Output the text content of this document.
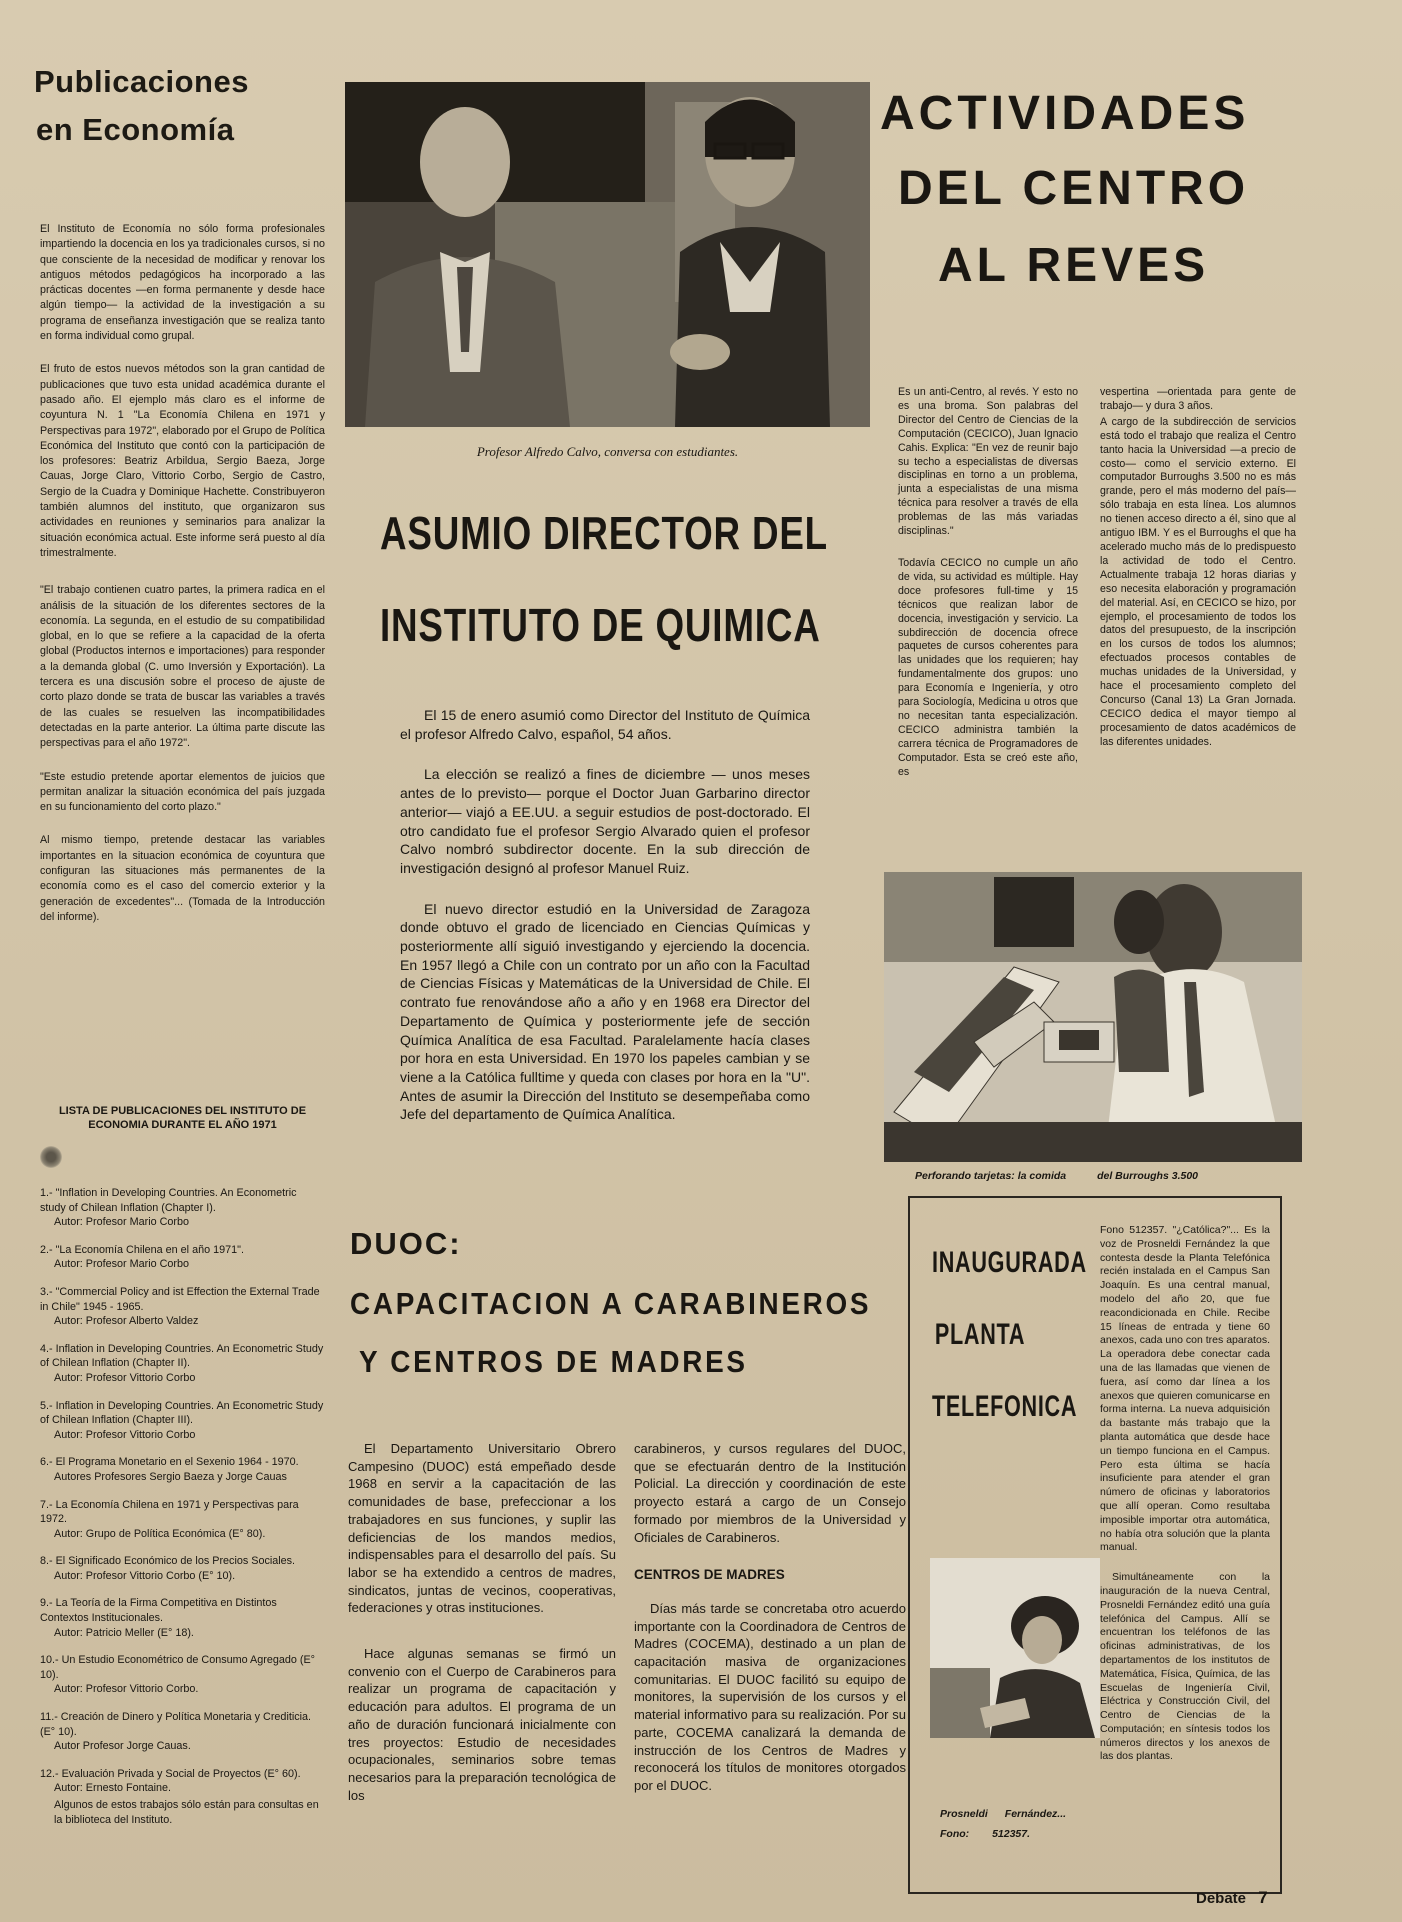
Publicaciones
en Economía

El Instituto de Economía no sólo forma profesionales impartiendo la docencia en los ya tradicionales cursos, si no que consciente de la necesidad de modificar y renovar los antiguos métodos pedagógicos ha incorporado a las prácticas docentes —en forma permanente y desde hace algún tiempo— la actividad de la investigación a su programa de enseñanza investigación que se realiza tanto en forma individual como grupal.

El fruto de estos nuevos métodos son la gran cantidad de publicaciones que tuvo esta unidad académica durante el pasado año. El ejemplo más claro es el informe de coyuntura N. 1 "La Economía Chilena en 1971 y Perspectivas para 1972", elaborado por el Grupo de Política Económica del Instituto que contó con la participación de los profesores: Beatriz Arbildua, Sergio Baeza, Jorge Cauas, Jorge Claro, Vittorio Corbo, Sergio de Castro, Sergio de la Cuadra y Dominique Hachette. Constribuyeron también alumnos del instituto, que organizaron sus actividades en reuniones y seminarios para analizar la situación económica actual. Este informe será puesto al día trimestralmente.

"El trabajo contienen cuatro partes, la primera radica en el análisis de la situación de los diferentes sectores de la economía. La segunda, en el estudio de su compatibilidad global, en lo que se refiere a la capacidad de la oferta global (Productos internos e importaciones) para responder a la demanda global (C. umo Inversión y Exportación). La tercera es una discusión sobre el proceso de ajuste de corto plazo donde se trata de buscar las variables a través de las cuales se resuelven las incompatibilidades detectadas en la parte anterior. La última parte discute las perspectivas para el año 1972".

"Este estudio pretende aportar elementos de juicios que permitan analizar la situación económica del país juzgada en su funcionamiento del corto plazo."

Al mismo tiempo, pretende destacar las variables importantes en la situacion económica de coyuntura que configuran las situaciones más permanentes de la economía como es el caso del comercio exterior y la generación de excedentes"... (Tomada de la Introducción del informe).

LISTA DE PUBLICACIONES DEL INSTITUTO DE ECONOMIA DURANTE EL AÑO 1971
1.- "Inflation in Developing Countries. An Econometric study of Chilean Inflation (Chapter I).
Autor: Profesor Mario Corbo
2.- "La Economía Chilena en el año 1971".
Autor: Profesor Mario Corbo
3.- "Commercial Policy and ist Effection the External Trade in Chile" 1945 - 1965.
Autor: Profesor Alberto Valdez
4.- Inflation in Developing Countries. An Econometric Study of Chilean Inflation (Chapter II).
Autor: Profesor Vittorio Corbo
5.- Inflation in Developing Countries. An Econometric Study of Chilean Inflation (Chapter III).
Autor: Profesor Vittorio Corbo
6.- El Programa Monetario en el Sexenio 1964 - 1970.
Autores Profesores Sergio Baeza y Jorge Cauas
7.- La Economía Chilena en 1971 y Perspectivas para 1972.
Autor: Grupo de Política Económica (E° 80).
8.- El Significado Económico de los Precios Sociales.
Autor: Profesor Vittorio Corbo (E° 10).
9.- La Teoría de la Firma Competitiva en Distintos Contextos Institucionales.
Autor: Patricio Meller (E° 18).
10.- Un Estudio Econométrico de Consumo Agregado (E° 10).
Autor: Profesor Vittorio Corbo.
11.- Creación de Dinero y Política Monetaria y Crediticia. (E° 10).
Autor Profesor Jorge Cauas.
12.- Evaluación Privada y Social de Proyectos (E° 60).
Autor: Ernesto Fontaine.
Algunos de estos trabajos sólo están para consultas en la biblioteca del Instituto.
Profesor Alfredo Calvo, conversa con estudiantes.
ASUMIO DIRECTOR DEL
INSTITUTO DE QUIMICA

El 15 de enero asumió como Director del Instituto de Química el profesor Alfredo Calvo, español, 54 años.

La elección se realizó a fines de diciembre — unos meses antes de lo previsto— porque el Doctor Juan Garbarino director anterior— viajó a EE.UU. a seguir estudios de post-doctorado. El otro candidato fue el profesor Sergio Alvarado quien el profesor Calvo nombró subdirector docente. En la sub dirección de investigación designó al profesor Manuel Ruiz.

El nuevo director estudió en la Universidad de Zaragoza donde obtuvo el grado de licenciado en Ciencias Químicas y posteriormente allí siguió investigando y ejerciendo la docencia. En 1957 llegó a Chile con un contrato por un año con la Facultad de Ciencias Físicas y Matemáticas de la Universidad de Chile. El contrato fue renovándose año a año y en 1968 era Director del Departamento de Química y posteriormente jefe de sección Química Analítica de esa Facultad. Paralelamente hacía clases por hora en esta Universidad. En 1970 los papeles cambian y se viene a la Católica fulltime y queda con clases por hora en la "U". Antes de asumir la Dirección del Instituto se desempeñaba como Jefe del departamento de Química Analítica.

ACTIVIDADES
DEL CENTRO
AL REVES

Es un anti-Centro, al revés. Y esto no es una broma. Son palabras del Director del Centro de Ciencias de la Computación (CECICO), Juan Ignacio Cahis. Explica: "En vez de reunir bajo su techo a especialistas de diversas disciplinas en torno a un problema, junta a especialistas de una misma técnica para resolver a través de ella problemas de las más variadas disciplinas."

Todavía CECICO no cumple un año de vida, su actividad es múltiple. Hay doce profesores full-time y 15 técnicos que realizan labor de docencia, investigación y servicio. La subdirección de docencia ofrece paquetes de cursos coherentes para las unidades que los requieren; hay fundamentalmente dos grupos: uno para Economía e Ingeniería, y otro para Sociología, Medicina u otros que no necesitan tanta especialización. CECICO administra también la carrera técnica de Programadores de Computador. Esta se creó este año, es

vespertina —orientada para gente de trabajo— y dura 3 años.

A cargo de la subdirección de servicios está todo el trabajo que realiza el Centro tanto hacia la Universidad —a precio de costo— como el servicio externo. El computador Burroughs 3.500 no es más grande, pero el más moderno del país— sólo trabaja en esta línea. Los alumnos no tienen acceso directo a él, sino que al antiguo IBM. Y es el Burroughs el que ha acelerado mucho más de lo predispuesto la actividad de todo el Centro. Actualmente trabaja 12 horas diarias y eso necesita elaboración y programación del material. Así, en CECICO se hizo, por ejemplo, el procesamiento de todos los datos del presupuesto, de la inscripción en los cursos de todos los alumnos; efectuados procesos contables de muchas unidades de la Universidad, y hace el procesamiento completo del Concurso (Canal 13) La Gran Jornada. CECICO dedica el mayor tiempo al procesamiento de datos académicos de las diferentes unidades.

Perforando tarjetas: la comida	del Burroughs 3.500
DUOC:
CAPACITACION A CARABINEROS
Y CENTROS DE MADRES

El Departamento Universitario Obrero Campesino (DUOC) está empeñado desde 1968 en servir a la capacitación de las comunidades de base, prefeccionar a los trabajadores en sus funciones, y suplir las deficiencias de los mandos medios, indispensables para el desarrollo del país. Su labor se ha extendido a centros de madres, sindicatos, juntas de vecinos, cooperativas, federaciones y otras instituciones.

Hace algunas semanas se firmó un convenio con el Cuerpo de Carabineros para realizar un programa de capacitación y educación para adultos. El programa de un año de duración funcionará inicialmente con tres proyectos: Estudio de necesidades ocupacionales, seminarios sobre temas necesarios para la preparación tecnológica de los

carabineros, y cursos regulares del DUOC, que se efectuarán dentro de la Institución Policial. La dirección y coordinación de este proyecto estará a cargo de un Consejo formado por miembros de la Universidad y Oficiales de Carabineros.

CENTROS DE MADRES

Días más tarde se concretaba otro acuerdo importante con la Coordinadora de Centros de Madres (COCEMA), destinado a un plan de capacitación masiva de organizaciones comunitarias. El DUOC facilitó su equipo de monitores, la supervisión de los cursos y el material informativo para su realización. Por su parte, COCEMA canalizará la demanda de instrucción de los Centros de Madres y reconocerá los títulos de monitores otorgados por el DUOC.

INAUGURADA
PLANTA
TELEFONICA

Fono 512357. "¿Católica?"... Es la voz de Prosneldi Fernández la que contesta desde la Planta Telefónica recién instalada en el Campus San Joaquín. Es una central manual, modelo del año 20, que fue reacondicionada en Chile. Recibe 15 líneas de entrada y tiene 60 anexos, cada uno con tres aparatos. La operadora debe conectar cada una de las llamadas que vienen de fuera, así como dar línea a los anexos que quieren comunicarse en forma interna. La nueva adquisición da bastante más trabajo que la planta automática que desde hace un tiempo funciona en el Campus. Pero esta última se hacía insuficiente para atender el gran número de oficinas y laboratorios que allí operan. Como resultaba imposible importar otra automática, no había otra solución que la planta manual.

Simultáneamente con la inauguración de la nueva Central, Prosneldi Fernández editó una guía telefónica del Campus. Allí se encuentran los teléfonos de las oficinas administrativas, de los departamentos de los institutos de Matemática, Física, Química, de las Escuelas de Ingeniería Civil, Eléctrica y Construcción Civil, del Centro de Ciencias de la Computación; en síntesis todos los números directos y los anexos de las dos plantas.

Prosneldi Fernández...
Fono: 512357.
Debate 7
